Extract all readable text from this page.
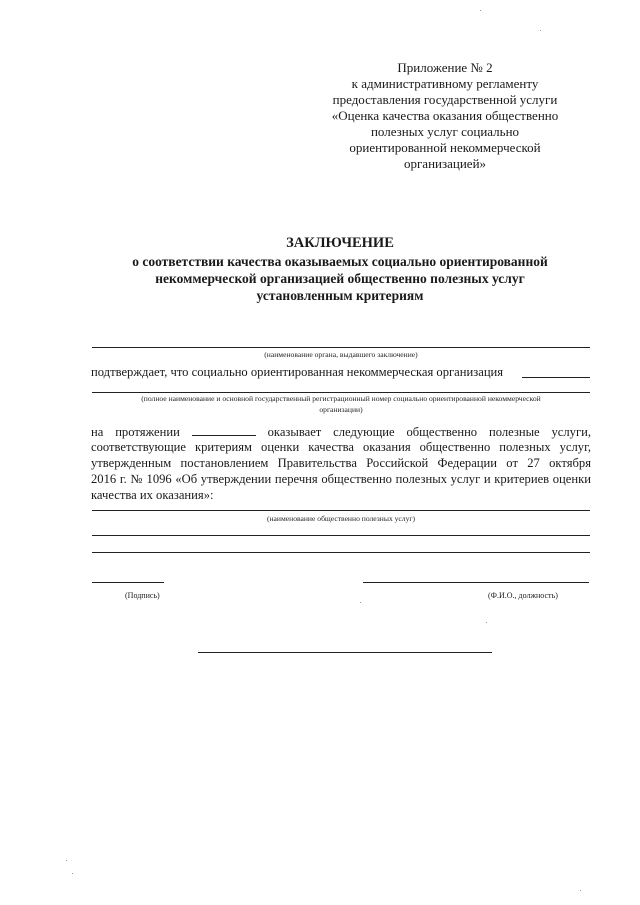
Приложение № 2
к административному регламенту
предоставления государственной услуги
«Оценка качества оказания общественно
полезных услуг социально
ориентированной некоммерческой
организацией»
ЗАКЛЮЧЕНИЕ
о соответствии качества оказываемых социально ориентированной
некоммерческой организацией общественно полезных услуг
установленным критериям
(наименование органа, выдавшего заключение)
подтверждает, что социально ориентированная некоммерческая организация
(полное наименование и основной государственный регистрационный номер социально ориентированной некоммерческой
организации)
на протяжении	оказывает следующие общественно полезные услуги,
соответствующие критериям оценки качества оказания общественно полезных услуг,
утвержденным постановлением Правительства Российской Федерации от 27 октября
2016 г. № 1096 «Об утверждении перечня общественно полезных услуг и критериев оценки
качества их оказания»:
(наименование общественно полезных услуг)
(Подпись)	(Ф.И.О., должность)
